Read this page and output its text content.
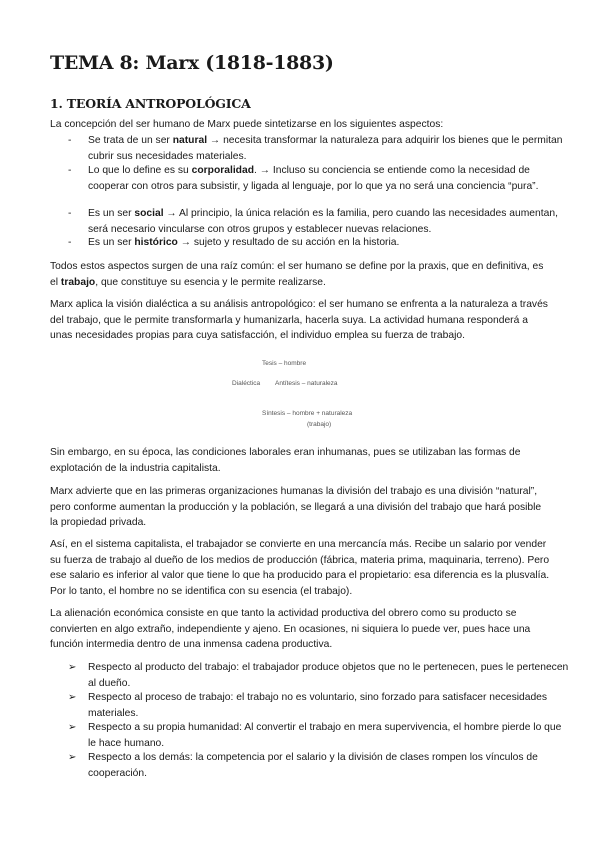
TEMA 8: Marx (1818-1883)
1. TEORÍA ANTROPOLÓGICA

La concepción del ser humano de Marx puede sintetizarse en los siguientes aspectos:

- Se trata de un ser natural → necesita transformar la naturaleza para adquirir los bienes que le permitan cubrir sus necesidades materiales.
- Lo que lo define es su corporalidad. → Incluso su conciencia se entiende como la necesidad de cooperar con otros para subsistir, y ligada al lenguaje, por lo que ya no será una conciencia “pura”.
- Es un ser social → Al principio, la única relación es la familia, pero cuando las necesidades aumentan, será necesario vincularse con otros grupos y establecer nuevas relaciones.
- Es un ser histórico → sujeto y resultado de su acción en la historia.

Todos estos aspectos surgen de una raíz común: el ser humano se define por la praxis, que en definitiva, es el trabajo, que constituye su esencia y le permite realizarse.

Marx aplica la visión dialéctica a su análisis antropológico: el ser humano se enfrenta a la naturaleza a través del trabajo, que le permite transformarla y humanizarla, hacerla suya. La actividad humana responderá a unas necesidades propias para cuya satisfacción, el individuo emplea su fuerza de trabajo.

Tesis – hombre
Dialéctica Antítesis – naturaleza
Síntesis – hombre + naturaleza
(trabajo)

Sin embargo, en su época, las condiciones laborales eran inhumanas, pues se utilizaban las formas de explotación de la industria capitalista.

Marx advierte que en las primeras organizaciones humanas la división del trabajo es una división “natural”, pero conforme aumentan la producción y la población, se llegará a una división del trabajo que hará posible la propiedad privada.

Así, en el sistema capitalista, el trabajador se convierte en una mercancía más. Recibe un salario por vender su fuerza de trabajo al dueño de los medios de producción (fábrica, materia prima, maquinaria, terreno). Pero ese salario es inferior al valor que tiene lo que ha producido para el propietario: esa diferencia es la plusvalía. Por lo tanto, el hombre no se identifica con su esencia (el trabajo).

La alienación económica consiste en que tanto la actividad productiva del obrero como su producto se convierten en algo extraño, independiente y ajeno. En ocasiones, ni siquiera lo puede ver, pues hace una función intermedia dentro de una inmensa cadena productiva.

➢ Respecto al producto del trabajo: el trabajador produce objetos que no le pertenecen, pues le pertenecen al dueño.
➢ Respecto al proceso de trabajo: el trabajo no es voluntario, sino forzado para satisfacer necesidades materiales.
➢ Respecto a su propia humanidad: Al convertir el trabajo en mera supervivencia, el hombre pierde lo que le hace humano.
➢ Respecto a los demás: la competencia por el salario y la división de clases rompen los vínculos de cooperación.
